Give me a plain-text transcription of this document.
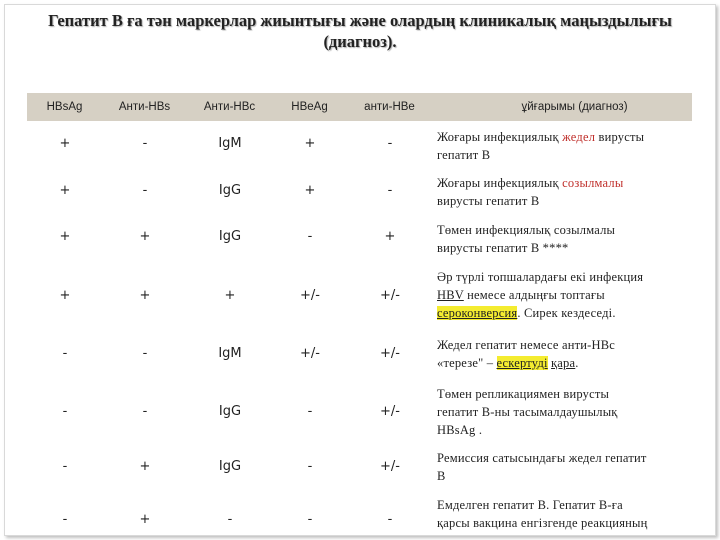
Гепатит В ға тән маркерлар жиынтығы және олардың клиникалық маңыздылығы
(диагноз).
HBsAg	Анти-HBs	Анти-HBc	HBeAg	анти-HBe	ұйғарымы (диагноз)
+	-	IgM	+	-	Жоғары инфекциялық жедел вирусты
гепатит В
+	-	IgG	+	-	Жоғары инфекциялық созылмалы
вирусты гепатит В
+	+	IgG	-	+	Төмен инфекциялық созылмалы
вирусты гепатит В ****
+	+	+	+/-	+/-
Әр түрлі топшалардағы екі инфекция
HBV немесе алдыңғы топтағы
сероконверсия. Сирек кездеседі.
-	-	IgM	+/-	+/-
Жедел гепатит немесе анти-HBc
«терезе" – ескертуді қара.
-	-	IgG	-	+/-
Төмен репликациямен вирусты
гепатит В-ны тасымалдаушылық
HBsAg .
-	+	IgG	-	+/-
Ремиссия сатысындағы жедел гепатит
В
-	+	-	-	-
Емделген гепатит В. Гепатит В-ға
қарсы вакцина енгізгенде реакцияның
